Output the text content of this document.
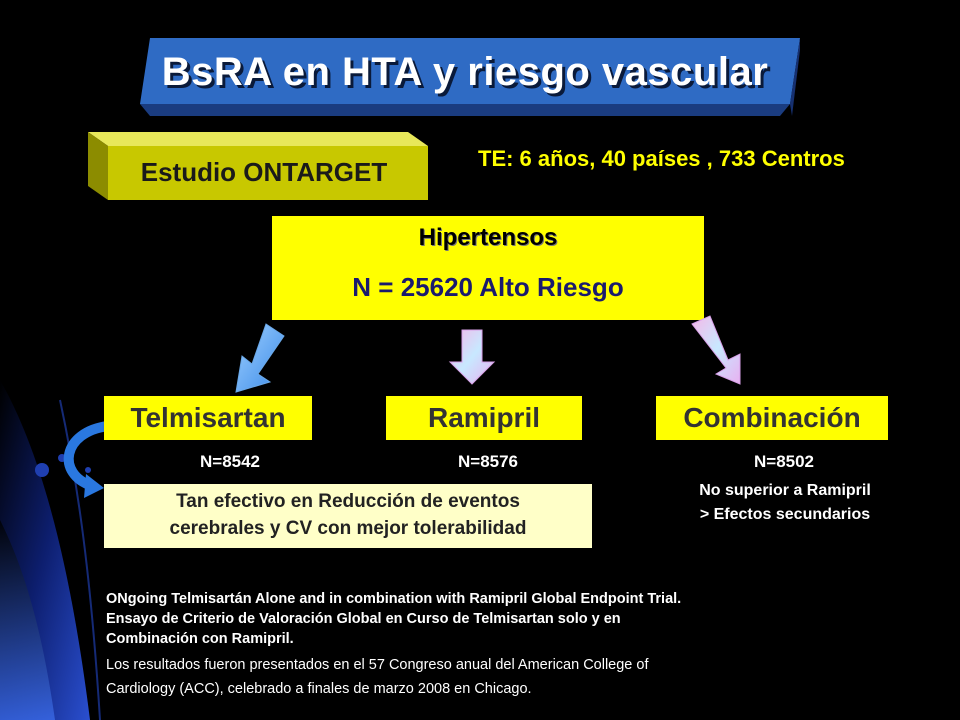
BsRA en HTA y riesgo vascular
Estudio ONTARGET	TE: 6 años, 40 países , 733 Centros
Hipertensos
N = 25620 Alto Riesgo
Telmisartan	Ramipril	Combinación
N=8542	N=8576	N=8502
Tan efectivo en Reducción de eventos
cerebrales y CV con mejor tolerabilidad
No superior a Ramipril
> Efectos secundarios
ONgoing Telmisartán Alone and in combination with Ramipril Global Endpoint Trial.
Ensayo de Criterio de Valoración Global en Curso de Telmisartan solo y en
Combinación con Ramipril.
Los resultados fueron presentados en el 57 Congreso anual del American College of
Cardiology (ACC), celebrado a finales de marzo 2008 en Chicago.
